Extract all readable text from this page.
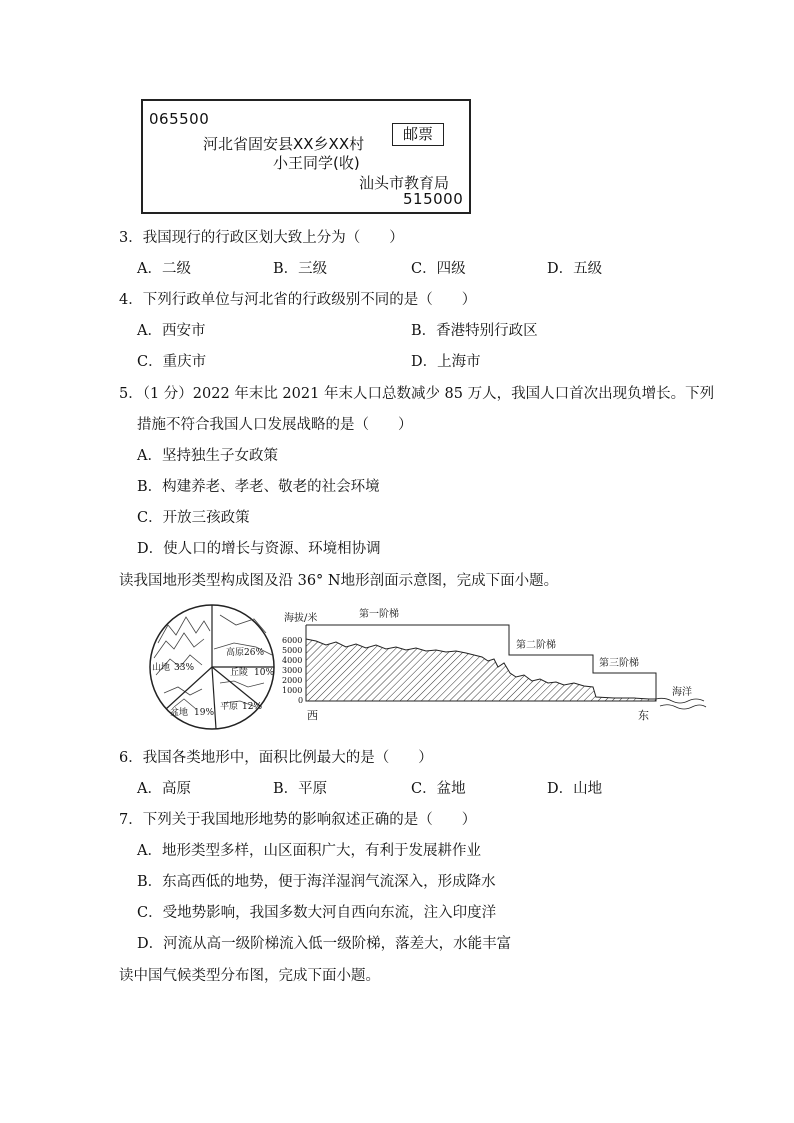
065500
河北省固安县XX乡XX村
小王同学(收)
邮票
汕头市教育局
515000
3．我国现行的行政区划大致上分为（　　）
A．二级	B．三级	C．四级	D．五级
4．下列行政单位与河北省的行政级别不同的是（　　）
A．西安市	B．香港特别行政区
C．重庆市	D．上海市
5．（1 分）2022 年末比 2021 年末人口总数减少 85 万人，我国人口首次出现负增长。下列
措施不符合我国人口发展战略的是（　　）
A．坚持独生子女政策
B．构建养老、孝老、敬老的社会环境
C．开放三孩政策
D．使人口的增长与资源、环境相协调
读我国地形类型构成图及沿 36° N地形剖面示意图，完成下面小题。
高原 26%
丘陵 10%
山地 33%
盆地 19%
平原 12%
海拔/米
6000
5000
4000
3000
2000
1000
0
第二阶梯
第三阶梯
第一阶梯
海洋
西	东
6．我国各类地形中，面积比例最大的是（　　）
A．高原	B．平原	C．盆地	D．山地
7．下列关于我国地形地势的影响叙述正确的是（　　）
A．地形类型多样，山区面积广大，有利于发展耕作业
B．东高西低的地势，便于海洋湿润气流深入，形成降水
C．受地势影响，我国多数大河自西向东流，注入印度洋
D．河流从高一级阶梯流入低一级阶梯，落差大，水能丰富
读中国气候类型分布图，完成下面小题。
